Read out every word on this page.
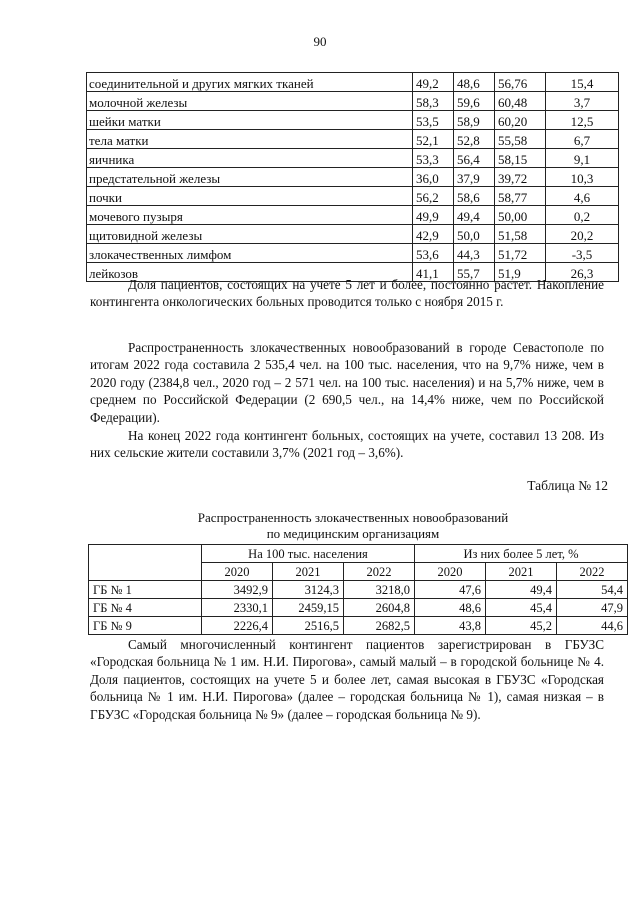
90
соединительной и других мягких тканей	49,2	48,6	56,76	15,4
молочной железы	58,3	59,6	60,48	3,7
шейки матки	53,5	58,9	60,20	12,5
тела матки	52,1	52,8	55,58	6,7
яичника	53,3	56,4	58,15	9,1
предстательной железы	36,0	37,9	39,72	10,3
почки	56,2	58,6	58,77	4,6
мочевого пузыря	49,9	49,4	50,00	0,2
щитовидной железы	42,9	50,0	51,58	20,2
злокачественных лимфом	53,6	44,3	51,72	-3,5
лейкозов	41,1	55,7	51,9	26,3

Доля пациентов, состоящих на учете 5 лет и более, постоянно растет. Накопление контингента онкологических больных проводится только с ноября 2015 г.

Распространенность злокачественных новообразований в городе Севастополе по итогам 2022 года составила 2 535,4 чел. на 100 тыс. населения, что на 9,7% ниже, чем в 2020 году (2384,8 чел., 2020 год – 2 571 чел. на 100 тыс. населения) и на 5,7% ниже, чем в среднем по Российской Федерации (2 690,5 чел., на 14,4% ниже, чем по Российской Федерации).

На конец 2022 года контингент больных, состоящих на учете, составил 13 208. Из них сельские жители составили 3,7% (2021 год – 3,6%).

Таблица № 12

Распространенность злокачественных новообразований
по медицинским организациям

	На 100 тыс. населения			Из них более 5 лет, %		
	2020	2021	2022	2020	2021	2022
ГБ № 1	3492,9	3124,3	3218,0	47,6	49,4	54,4
ГБ № 4	2330,1	2459,15	2604,8	48,6	45,4	47,9
ГБ № 9	2226,4	2516,5	2682,5	43,8	45,2	44,6

Самый многочисленный контингент пациентов зарегистрирован в ГБУЗС «Городская больница № 1 им. Н.И. Пирогова», самый малый – в городской больнице № 4. Доля пациентов, состоящих на учете 5 и более лет, самая высокая в ГБУЗС «Городская больница № 1 им. Н.И. Пирогова» (далее – городская больница № 1), самая низкая – в ГБУЗС «Городская больница № 9» (далее – городская больница № 9).
